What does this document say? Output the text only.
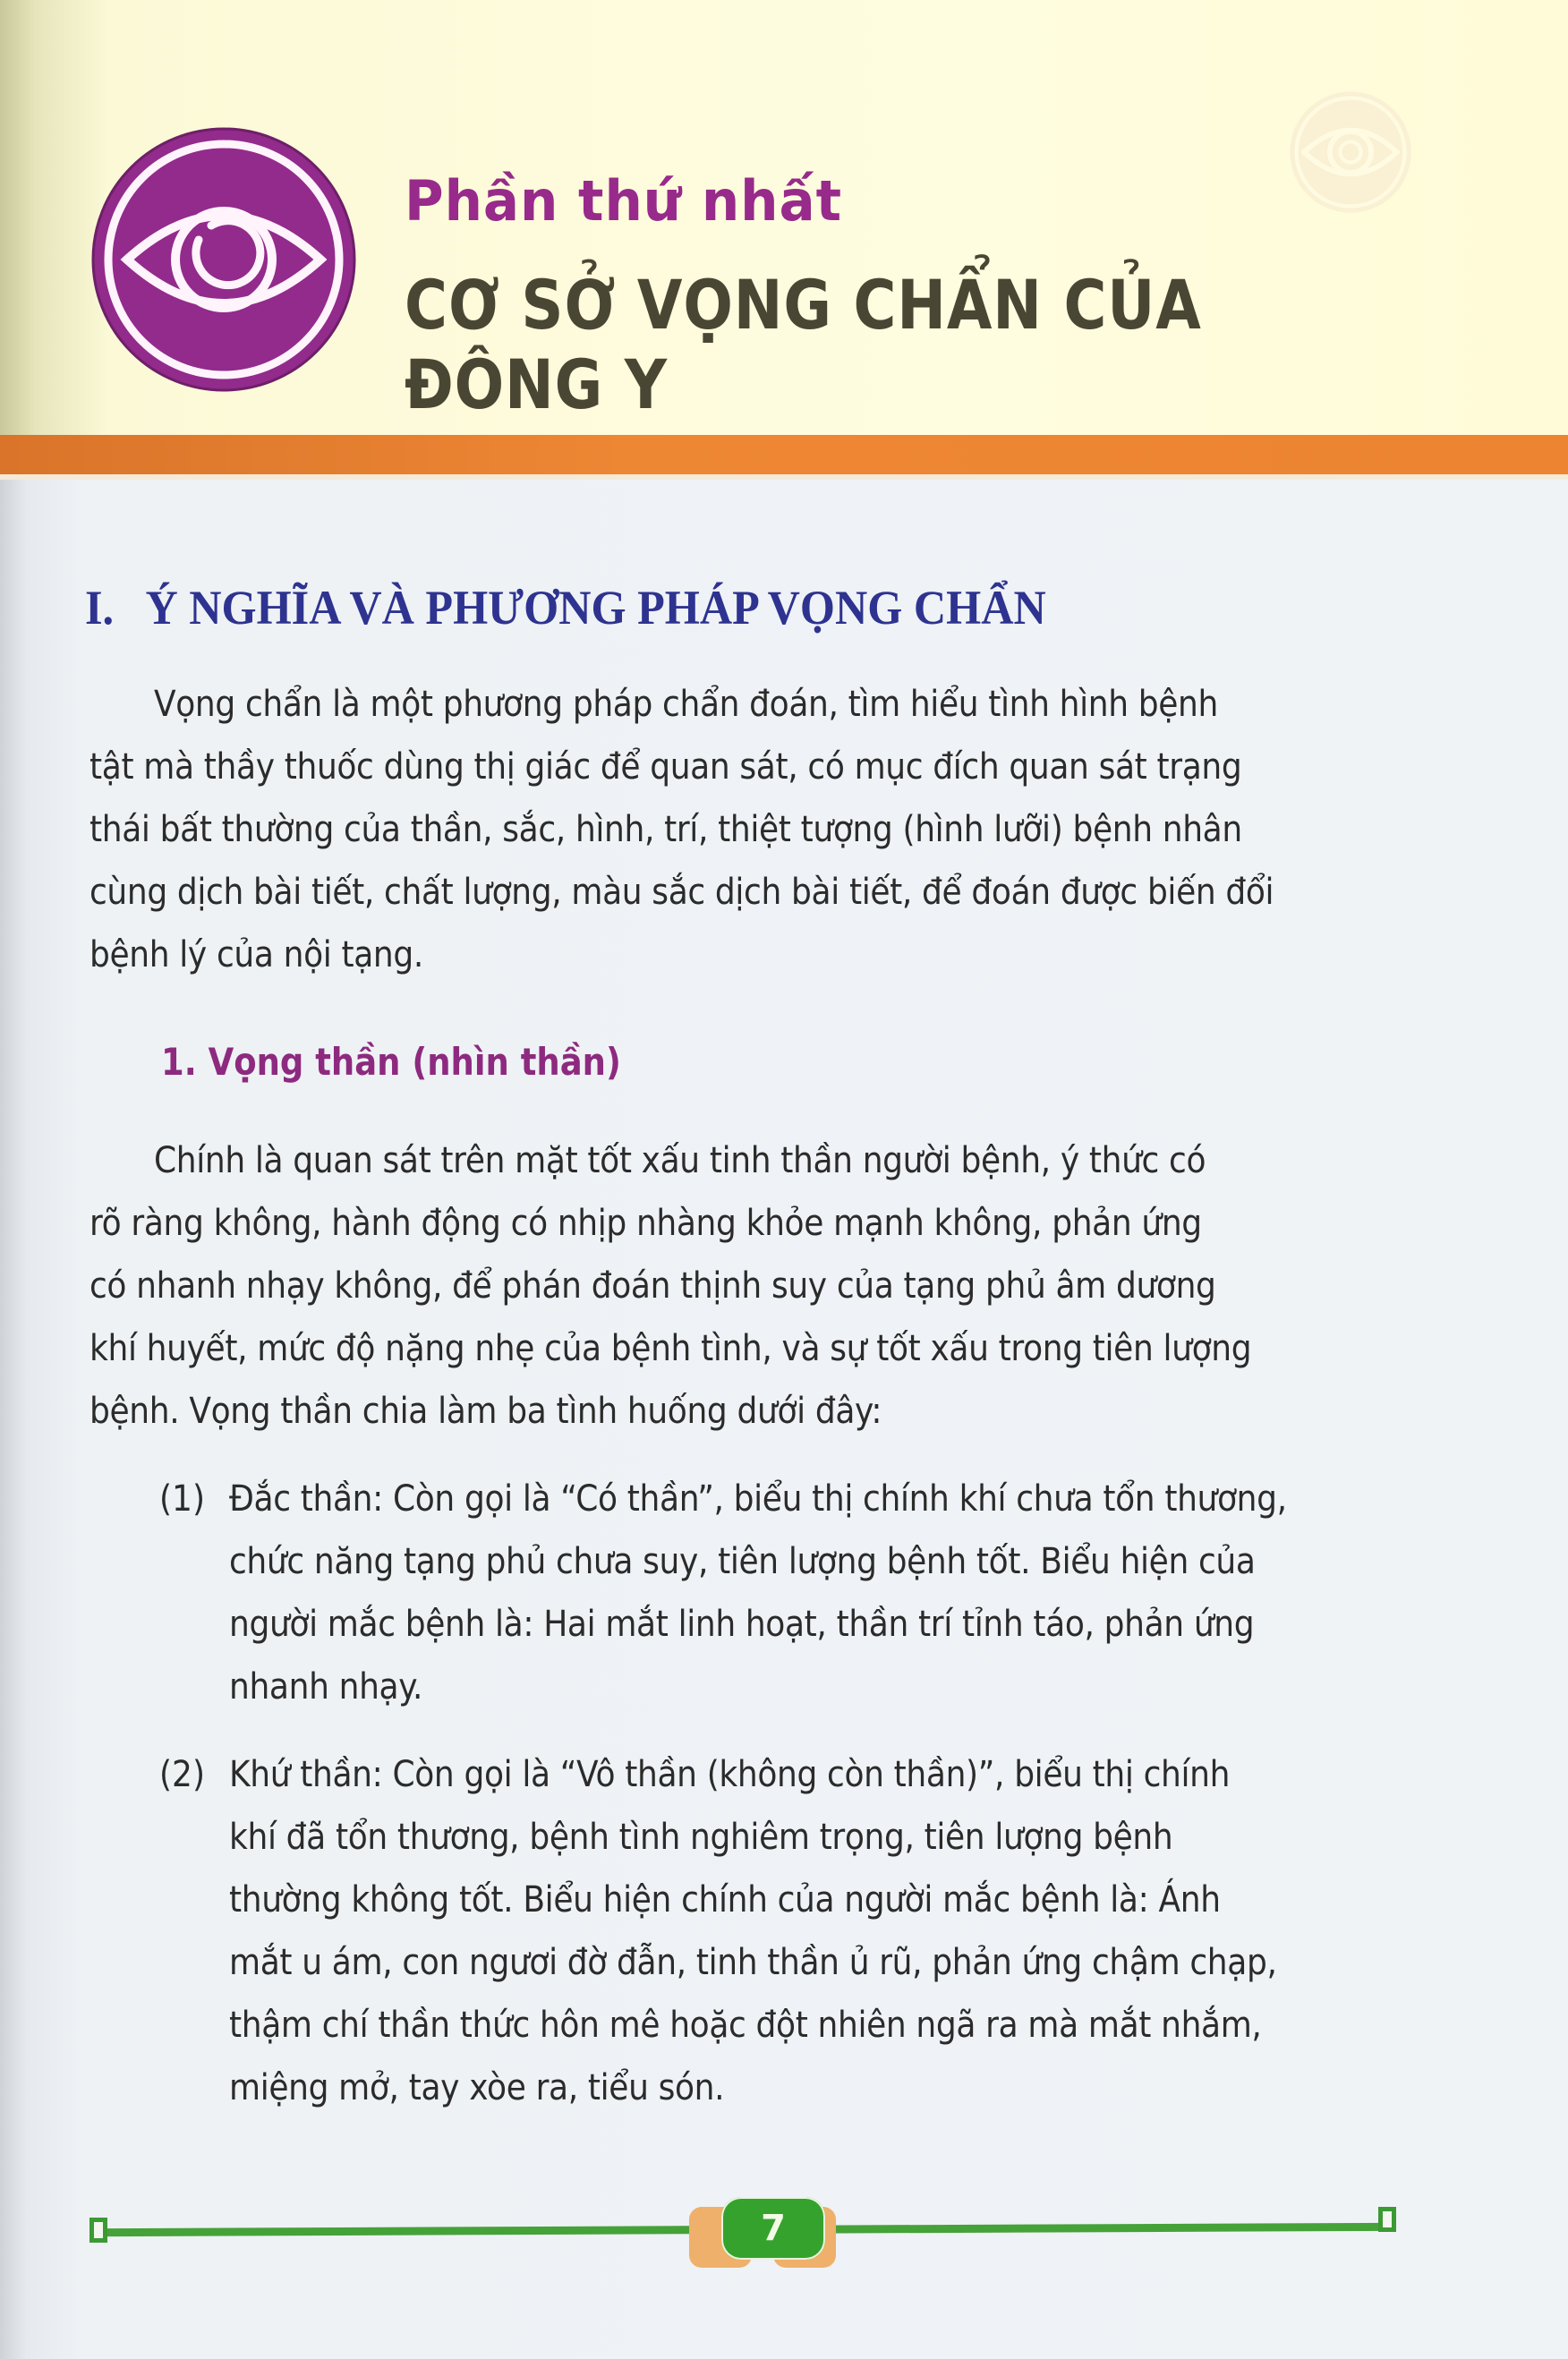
Phần thứ nhất
CƠ SỞ VỌNG CHẨN CỦA ĐÔNG Y
I. Ý NGHĨA VÀ PHƯƠNG PHÁP VỌNG CHẨN
Vọng chẩn là một phương pháp chẩn đoán, tìm hiểu tình hình bệnh
tật mà thầy thuốc dùng thị giác để quan sát, có mục đích quan sát trạng
thái bất thường của thần, sắc, hình, trí, thiệt tượng (hình lưỡi) bệnh nhân
cùng dịch bài tiết, chất lượng, màu sắc dịch bài tiết, để đoán được biến đổi
bệnh lý của nội tạng.
1. Vọng thần (nhìn thần)
Chính là quan sát trên mặt tốt xấu tinh thần người bệnh, ý thức có
rõ ràng không, hành động có nhịp nhàng khỏe mạnh không, phản ứng
có nhanh nhạy không, để phán đoán thịnh suy của tạng phủ âm dương
khí huyết, mức độ nặng nhẹ của bệnh tình, và sự tốt xấu trong tiên lượng
bệnh. Vọng thần chia làm ba tình huống dưới đây:
(1) Đắc thần: Còn gọi là “Có thần”, biểu thị chính khí chưa tổn thương,
chức năng tạng phủ chưa suy, tiên lượng bệnh tốt. Biểu hiện của
người mắc bệnh là: Hai mắt linh hoạt, thần trí tỉnh táo, phản ứng
nhanh nhạy.
(2) Khứ thần: Còn gọi là “Vô thần (không còn thần)”, biểu thị chính
khí đã tổn thương, bệnh tình nghiêm trọng, tiên lượng bệnh
thường không tốt. Biểu hiện chính của người mắc bệnh là: Ánh
mắt u ám, con ngươi đờ đẫn, tinh thần ủ rũ, phản ứng chậm chạp,
thậm chí thần thức hôn mê hoặc đột nhiên ngã ra mà mắt nhắm,
miệng mở, tay xòe ra, tiểu són.
7
